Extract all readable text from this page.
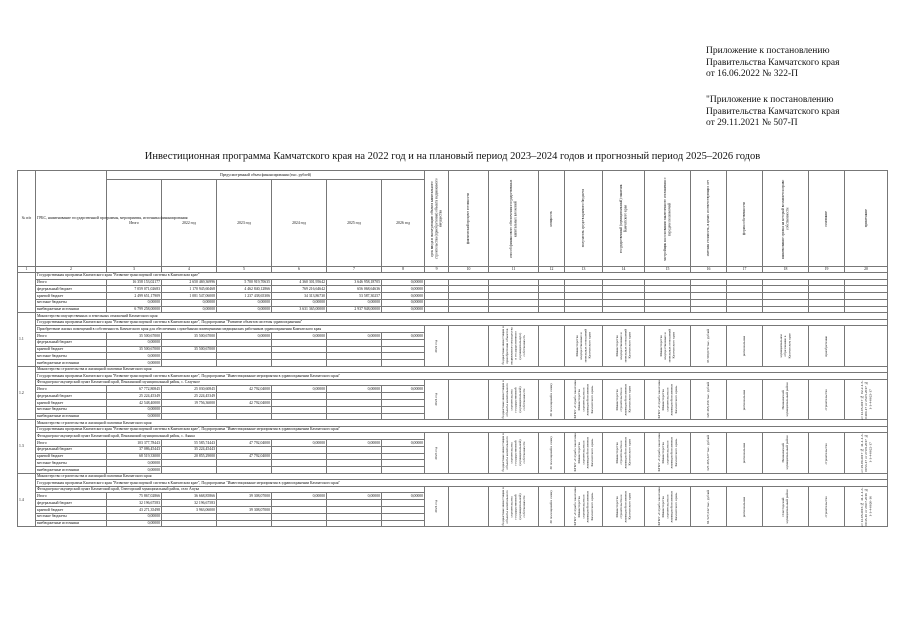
Приложение к постановлению
Правительства Камчатского края
от 16.06.2022 № 322-П
"Приложение к постановлению
Правительства Камчатского края
от 29.11.2021 № 507-П
Инвестиционная программа Камчатского края на 2022 год и на плановый период 2023–2024 годов и прогнозный период 2025–2026 годов
№ п/п	ГРБС, наименование государственной программы, мероприятия, источника финансирования	Предусмотренный объем финансирования (тыс. рублей)						срок ввода в эксплуатацию объекта капитального строительства (приобретения) объекта недвижимого имущества	фактический процент готовности	способ финансового обеспечения государственных капитальных вложений	мощность	получатель средств краевого бюджета	государственный (муниципальный) заказчик Камчатского края	застройщик на основании заключенного соглашения о передаче полномочий	сметная стоимость, в ценах соответствующих лет	форма собственности	наименование органа на который возлагается право собственности	основание	примечание

		Итого	2022 год	2023 год	2024 год	2025 год	2026 год												
1	2	3	4	5	6	7	8	9	10	11	12	13	14	15	16	17	18	19	20
	Государственная программа Камчатского края "Развитие транспортной системы в Камчатском крае"																		
	Итого	16 358 153,02177	2 650 469,36996	5 700 919,70635	4 360 301,95642	3 646 958,18705	0,00000												
	федеральный бюджет	7 059 071,02683	1 170 945,60468	4 462 840,12866	769 216,64642	656 068,64636	0,00000												
	краевой бюджет	2 499 651,17909	1 081 547,06008	1 237 438,65306	34 313,86730	53 587,30257	0,00000												
	местные бюджеты	0,00000	0,00000	0,00000	0,00000	0,00000	0,00000												
	внебюджетные источники	6 799 258,00000	0,00000	0,00000	3 631 365,00000	2 937 948,00000	0,00000												
1.1	Министерство имущественных и земельных отношений Камчатского края																		
	Государственная программа Камчатского края "Развитие транспортной системы в Камчатском крае", Подпрограмма "Развитие объектов системы здравоохранения"																		
	Приобретение жилых помещений в собственность Камчатского края для обеспечения служебными помещениями медицинских работников здравоохранения Камчатского края							2022 год		бюджетные инвестиции в приобретение объектов недвижимого имущества в государственную (муниципальную) собственность		Министерство имущественных и земельных отношений Камчатского края	Министерство имущественных и земельных отношений Камчатского края	Министерство имущественных и земельных отношений Камчатского края	35 500,670 тыс. рублей	региональная	муниципальное образование в Камчатском крае	приобретение	

	Итого	35 500,67000	35 500,67000	0,00000	0,00000	0,00000	0,00000												
	федеральный бюджет	0,00000																	
	краевой бюджет	35 500,67000	35 500,67000																
	местные бюджеты	0,00000																	
	внебюджетные источники	0,00000																	
1.2	Министерство строительства и жилищной политики Камчатского края																		
	Государственная программа Камчатского края "Развитие транспортной системы в Камчатском крае", Подпрограмма "Инвестиционные мероприятия в здравоохранении Камчатского края"																		
	Фельдшерско-акушерский пункт Камчатский край, Пенжинский муниципальный район, с. Слаутное							2024 год		бюджетные инвестиции в объекты капитального строительства государственной (муниципальной) собственности	30 посещений в смену	КГКУ «Служба заказчика Министерства строительства и жилищной политики Камчатского края»	Министерство строительства и жилищной политики Камчатского края	КГКУ «Служба заказчика Министерства строительства и жилищной политики Камчатского края»	120 468,456 тыс. рублей	региональная	Пенжинский муниципальный район	строительство	от 12.05.2017 № 02-2-1-5-0400-17 от 25.05.2017 № 1-1-4-0023-17

	Итого	67 772,80845	25 030,60845	42 792,04000	0,00000	0,00000	0,00000												
	федеральный бюджет	25 224,45349	25 224,45349																
	краевой бюджет	42 548,40000	19 756,36000	42 792,04000															
	местные бюджеты	0,00000																	
	внебюджетные источники	0,00000																	
1.3	Министерство строительства и жилищной политики Камчатского края																		
	Государственная программа Камчатского края "Развитие транспортной системы в Камчатском крае", Подпрограмма "Инвестиционные мероприятия в здравоохранении Камчатского края"																		
	Фельдшерско-акушерский пункт Камчатский край, Пенжинский муниципальный район, с. Аянка							2023 год		бюджетные инвестиции в объекты капитального строительства государственной (муниципальной) собственности	30 посещений в смену	КГКУ «Служба заказчика Министерства строительства и жилищной политики Камчатского края»	Министерство строительства и жилищной политики Камчатского края	КГКУ «Служба заказчика Министерства строительства и жилищной политики Камчатского края»	125 465,327 тыс. рублей	региональная	Пенжинский муниципальный район	строительство	от 29.09.2017 № 41-1-1-3-0053-17 от 27.09.2017 № 1-1-4-0022-17

	Итого	103 377,78443	55 585,74443	47 792,04000	0,00000	0,00000	0,00000												
	федеральный бюджет	37 086,45443	35 224,45443																
	краевой бюджет	68 519,33000	20 855,29000	47 792,04000															
	местные бюджеты	0,00000																	
	внебюджетные источники	0,00000																	
1.4	Министерство строительства и жилищной политики Камчатского края																		
	Государственная программа Камчатского края "Развитие транспортной системы в Камчатском крае", Подпрограмма "Инвестиционные мероприятия в здравоохранении Камчатского края"																		
	Фельдшерско-акушерский пункт Камчатский край, Олюторский муниципальный район, село Апука							2024 год		бюджетные инвестиции в объекты капитального строительства государственной (муниципальной) собственности	30 посещений в смену	КГКУ «Служба заказчика Министерства строительства и жилищной политики Камчатского края»	Министерство строительства и жилищной политики Камчатского края	КГКУ «Служба заказчика Министерства строительства и жилищной политики Камчатского края»	94 527,242 тыс. рублей	региональная	Олюторский муниципальный район	строительство	от 12.08.2016 № 41-1-1-3-0045-16 от 29.07.2016 № 1-1-4-0020-16

	Итого	75 867,02866	36 668,85866	39 308,07000	0,00000	0,00000	0,00000												
	федеральный бюджет	32 196,67583	32 196,67583																
	краевой бюджет	43 271,35498	3 963,06000	39 308,07000															
	местные бюджеты	0,00000																	
	внебюджетные источники	0,00000																	
